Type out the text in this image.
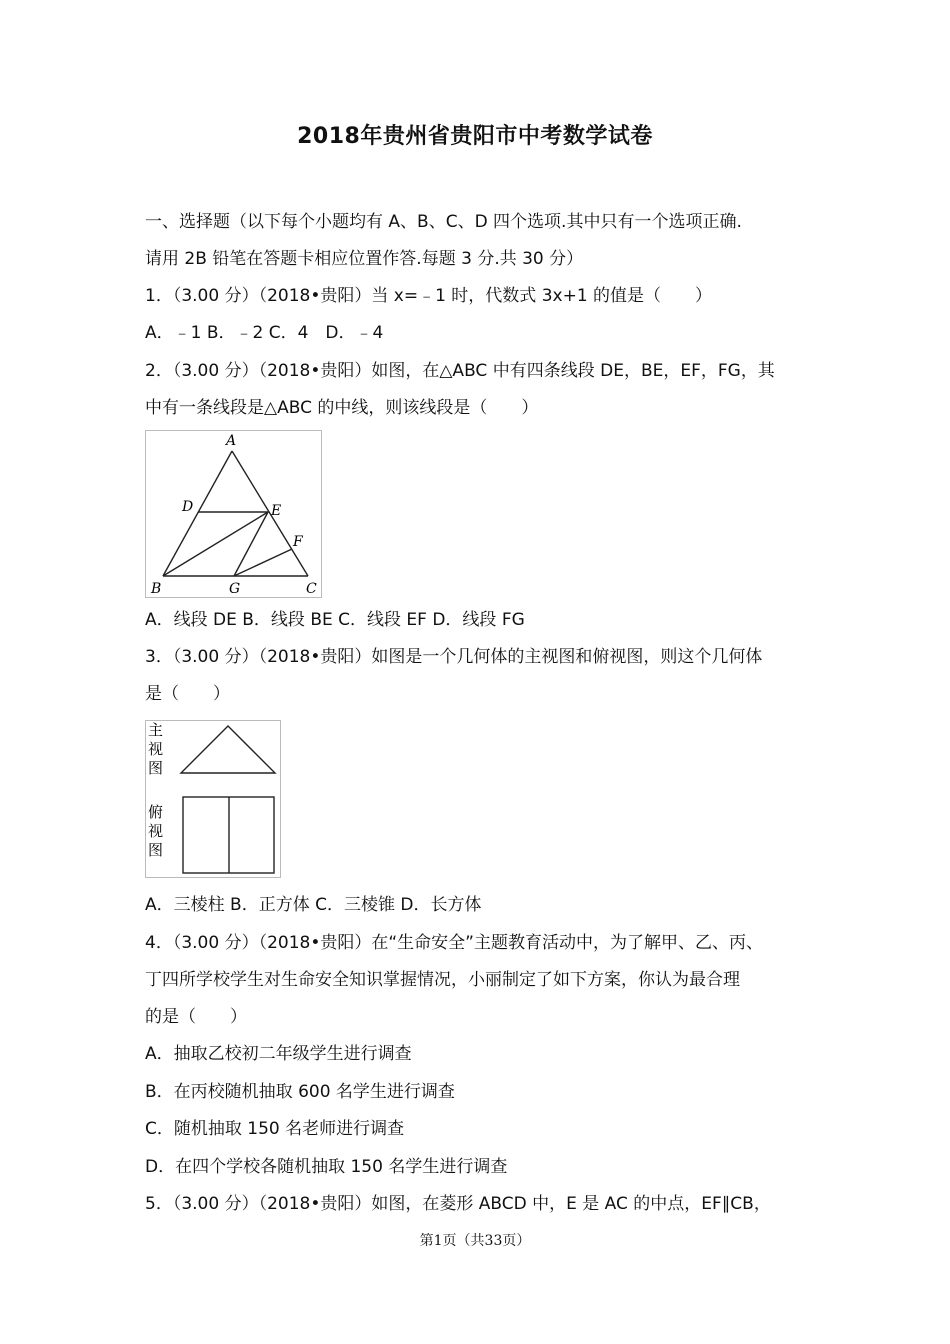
2018年贵州省贵阳市中考数学试卷
一、选择题（以下每个小题均有 A、B、C、D 四个选项.其中只有一个选项正确.
请用 2B 铅笔在答题卡相应位置作答.每题 3 分.共 30 分）
1．（3.00 分）（2018•贵阳）当 x=﹣1 时，代数式 3x+1 的值是（　　）
A．﹣1 B．﹣2 C．4　D．﹣4
2．（3.00 分）（2018•贵阳）如图，在△ABC 中有四条线段 DE，BE，EF，FG，其
中有一条线段是△ABC 的中线，则该线段是（　　）
A
D	E
F
B	G	C
A．线段 DE B．线段 BE C．线段 EF D．线段 FG
3．（3.00 分）（2018•贵阳）如图是一个几何体的主视图和俯视图，则这个几何体
是（　　）
主
视
图
俯
视
图
A．三棱柱 B．正方体 C．三棱锥 D．长方体
4．（3.00 分）（2018•贵阳）在“生命安全”主题教育活动中，为了解甲、乙、丙、
丁四所学校学生对生命安全知识掌握情况，小丽制定了如下方案，你认为最合理
的是（　　）
A．抽取乙校初二年级学生进行调查
B．在丙校随机抽取 600 名学生进行调查
C．随机抽取 150 名老师进行调查
D．在四个学校各随机抽取 150 名学生进行调查
5．（3.00 分）（2018•贵阳）如图，在菱形 ABCD 中，E 是 AC 的中点，EF∥CB，
第1页（共33页）
